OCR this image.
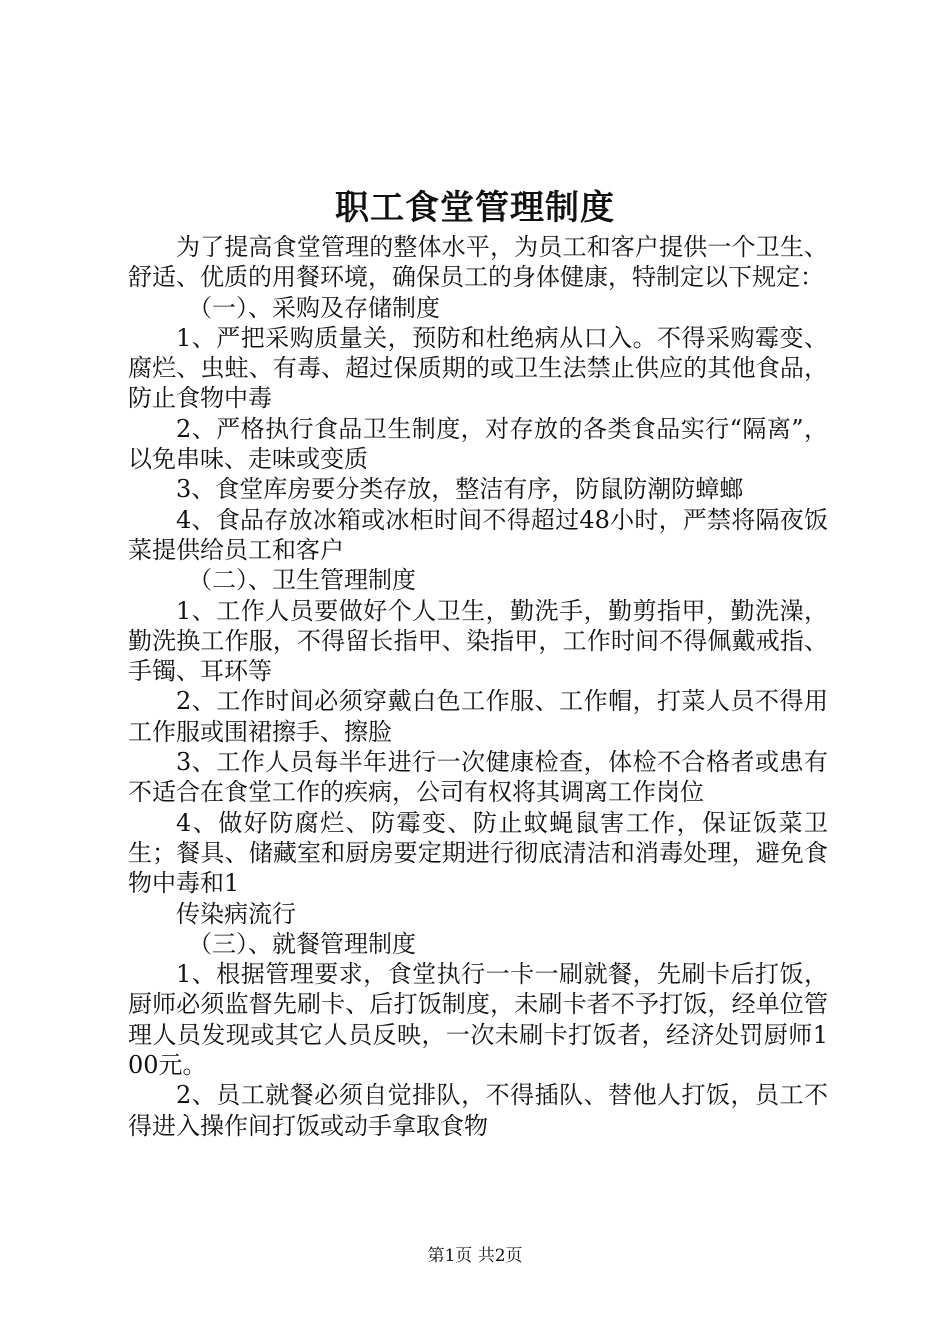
职工食堂管理制度

为了提高食堂管理的整体水平，为员工和客户提供一个卫生、舒适、优质的用餐环境，确保员工的身体健康，特制定以下规定：

（一）、采购及存储制度

1、严把采购质量关，预防和杜绝病从口入。不得采购霉变、腐烂、虫蛀、有毒、超过保质期的或卫生法禁止供应的其他食品，防止食物中毒

2、严格执行食品卫生制度，对存放的各类食品实行“隔离”，以免串味、走味或变质

3、食堂库房要分类存放，整洁有序，防鼠防潮防蟑螂

4、食品存放冰箱或冰柜时间不得超过48小时，严禁将隔夜饭菜提供给员工和客户

（二）、卫生管理制度

1、工作人员要做好个人卫生，勤洗手，勤剪指甲，勤洗澡，勤洗换工作服，不得留长指甲、染指甲，工作时间不得佩戴戒指、手镯、耳环等

2、工作时间必须穿戴白色工作服、工作帽，打菜人员不得用工作服或围裙擦手、擦脸

3、工作人员每半年进行一次健康检查，体检不合格者或患有不适合在食堂工作的疾病，公司有权将其调离工作岗位

4、做好防腐烂、防霉变、防止蚊蝇鼠害工作，保证饭菜卫生；餐具、储藏室和厨房要定期进行彻底清洁和消毒处理，避免食物中毒和1

传染病流行

（三）、就餐管理制度

1、根据管理要求，食堂执行一卡一刷就餐，先刷卡后打饭，厨师必须监督先刷卡、后打饭制度，未刷卡者不予打饭，经单位管理人员发现或其它人员反映，一次未刷卡打饭者，经济处罚厨师100元。

2、员工就餐必须自觉排队，不得插队、替他人打饭，员工不得进入操作间打饭或动手拿取食物

第1页 共2页
